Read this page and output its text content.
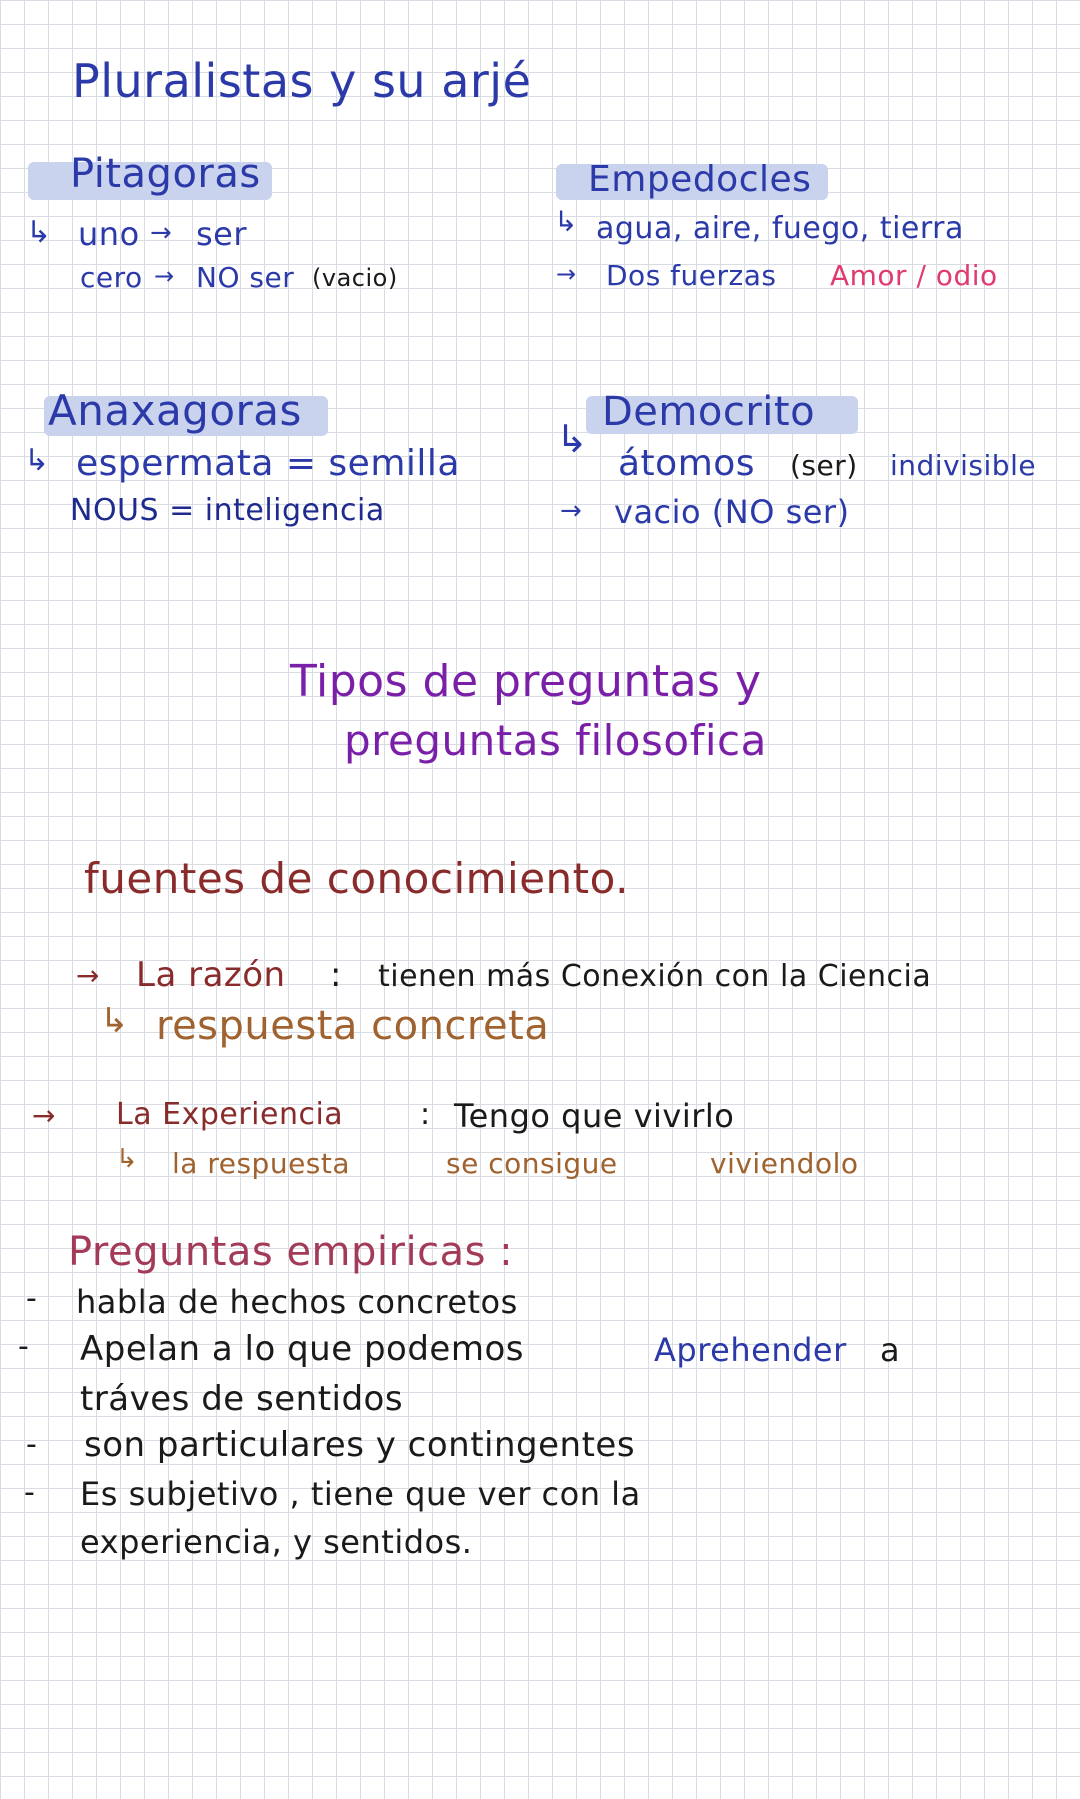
Pluralistas y su arjé
Pitagoras
↳ uno → ser
cero → NO ser (vacio)
Empedocles
↳ agua, aire, fuego, tierra
→ Dos fuerzas Amor / odio
Anaxagoras
↳ espermata = semilla
NOUS = inteligencia
Democrito
↳
átomos (ser) indivisible
→ vacio (NO ser)
Tipos de preguntas y
preguntas filosofica
fuentes de conocimiento.
→ La razón : tienen más Conexión con la Ciencia
↳ respuesta concreta
→ La Experiencia	: Tengo que vivirlo
↳ la respuesta	se consigue	viviendolo
Preguntas empiricas :
- habla de hechos concretos
- Apelan a lo que podemos	Aprehender a
tráves de sentidos
- son particulares y contingentes
- Es subjetivo , tiene que ver con la
experiencia, y sentidos.
